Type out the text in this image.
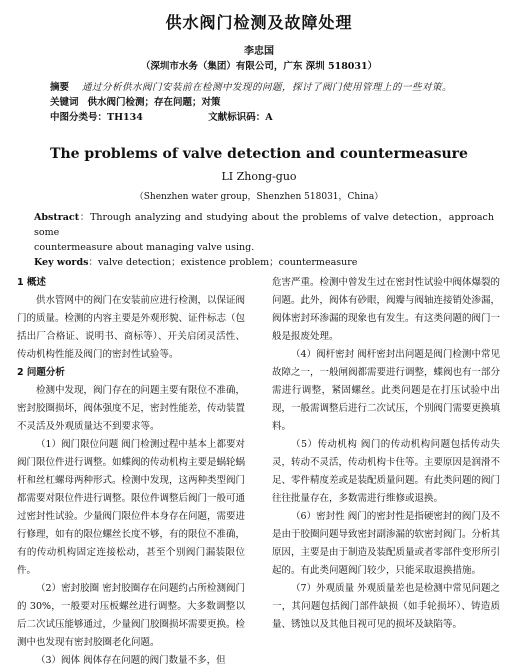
供水阀门检测及故障处理
李忠国
（深圳市水务（集团）有限公司，广东 深圳 518031）
摘要 通过分析供水阀门安装前在检测中发现的问题，探讨了阀门使用管理上的一些对策。
关键词 供水阀门检测；存在问题；对策
中图分类号：TH134	文献标识码：A
The problems of valve detection and countermeasure
LI Zhong-guo
（Shenzhen water group，Shenzhen 518031，China）
Abstract：Through analyzing and studying about the problems of valve detection，approach some
countermeasure about managing valve using.
Key words：valve detection；existence problem；countermeasure

1 概述

供水管网中的阀门在安装前应进行检测，以保证阀门的质量。检测的内容主要是外观形貌、证件标志（包括出厂合格证、说明书、商标等）、开关启闭灵活性、传动机构性能及阀门的密封性试验等。

2 问题分析

检测中发现，阀门存在的问题主要有限位不准确，密封胶圈损坏，阀体强度不足，密封性能差，传动装置不灵活及外观质量达不到要求等。

（1）阀门限位问题 阀门检测过程中基本上都要对阀门限位件进行调整。如蝶阀的传动机构主要是蜗轮蜗杆和丝杠螺母两种形式。检测中发现，这两种类型阀门都需要对限位件进行调整。限位件调整后阀门一般可通过密封性试验。少量阀门限位件本身存在问题，需要进行修理，如有的限位螺丝长度不够，有的限位不准确，有的传动机构固定连接松动，甚至个别阀门漏装限位件。

（2）密封胶圈 密封胶圈存在问题约占所检测阀门的 30%，一般要对压板螺丝进行调整。大多数调整以后二次试压能够通过，少量阀门胶圈损坏需要更换。检测中也发现有密封胶圈老化问题。

（3）阀体 阀体存在问题的阀门数量不多，但

危害严重。检测中曾发生过在密封性试验中阀体爆裂的问题。此外，阀体有砂眼，阀瓣与阀轴连接销处渗漏，阀体密封环渗漏的现象也有发生。有这类问题的阀门一般是报废处理。

（4）阀杆密封 阀杆密封出问题是阀门检测中常见故障之一，一般闸阀都需要进行调整，蝶阀也有一部分需进行调整，紧固螺丝。此类问题是在打压试验中出现，一般需调整后进行二次试压，个别阀门需要更换填料。

（5）传动机构 阀门的传动机构问题包括传动失灵，转动不灵活，传动机构卡住等。主要原因是润滑不足、零件精度差或是装配质量问题。有此类问题的阀门往往批量存在，多数需进行维修或退换。

（6）密封性 阀门的密封性是指硬密封的阀门及不是由于胶圈问题导致密封副渗漏的软密封阀门。分析其原因，主要是由于制造及装配质量或者零部件变形所引起的。有此类问题阀门较少，只能采取退换措施。

（7）外观质量 外观质量差也是检测中常见问题之一，其问题包括阀门部件缺损（如手轮损坏）、铸造质量、锈蚀以及其他目视可见的损坏及缺陷等。
